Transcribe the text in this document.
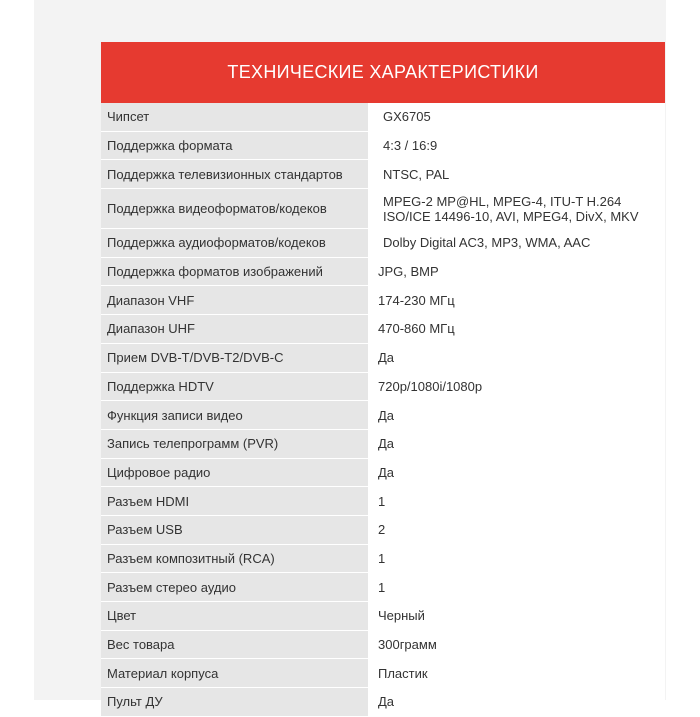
ТЕХНИЧЕСКИЕ ХАРАКТЕРИСТИКИ
Чипсет	GX6705
Поддержка формата	4:3 / 16:9
Поддержка телевизионных стандартов	NTSC, PAL
Поддержка видеоформатов/кодеков	MPEG-2 MP@HL, MPEG-4, ITU-T H.264 ISO/ICE 14496-10, AVI, MPEG4, DivX, MKV
Поддержка аудиоформатов/кодеков	Dolby Digital AC3, MP3, WMA, AAC
Поддержка форматов изображений	JPG, BMP
Диапазон VHF	174-230 МГц
Диапазон UHF	470-860 МГц
Прием DVB-T/DVB-T2/DVB-C	Да
Поддержка HDTV	720p/1080i/1080p
Функция записи видео	Да
Запись телепрограмм (PVR)	Да
Цифровое радио	Да
Разъем HDMI	1
Разъем USB	2
Разъем композитный (RCA)	1
Разъем стерео аудио	1
Цвет	Черный
Вес товара	300грамм
Материал корпуса	Пластик
Пульт ДУ	Да
